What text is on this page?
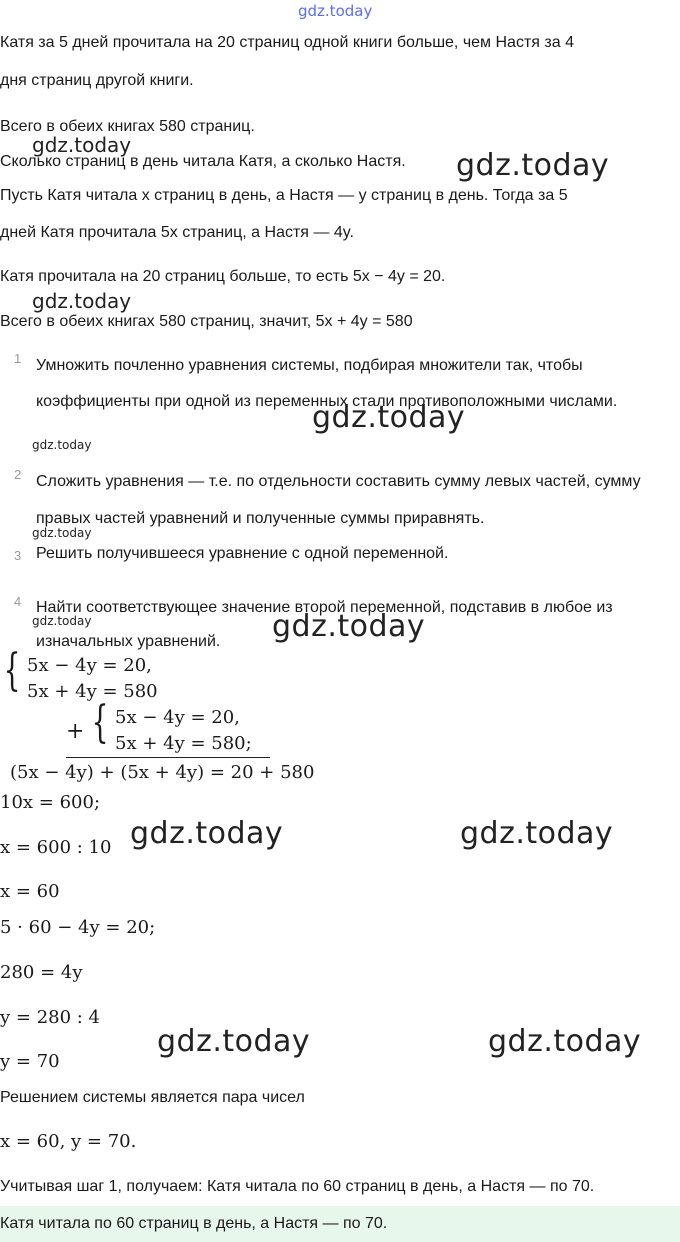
gdz.today
Катя за 5 дней прочитала на 20 страниц одной книги больше, чем Настя за 4
дня страниц другой книги.
Всего в обеих книгах 580 страниц.
Сколько страниц в день читала Катя, а сколько Настя.
Пусть Катя читала x страниц в день, а Настя — y страниц в день. Тогда за 5
дней Катя прочитала 5x страниц, а Настя — 4y.
Катя прочитала на 20 страниц больше, то есть 5x − 4y = 20.
Всего в обеих книгах 580 страниц, значит, 5x + 4y = 580
1 Умножить почленно уравнения системы, подбирая множители так, чтобы коэффициенты при одной из переменных стали противоположными числами.
2 Сложить уравнения — т.е. по отдельности составить сумму левых частей, сумму правых частей уравнений и полученные суммы приравнять.
3 Решить получившееся уравнение с одной переменной.
4 Найти соответствующее значение второй переменной, подставив в любое из изначальных уравнений.
{ 5x − 4y = 20,
5x + 4y = 580
+ { 5x − 4y = 20,
5x + 4y = 580;
(5x − 4y) + (5x + 4y) = 20 + 580
10x = 600;
x = 600 : 10
x = 60
5 · 60 − 4y = 20;
280 = 4y
y = 280 : 4
y = 70
Решением системы является пара чисел
x = 60, y = 70.
Учитывая шаг 1, получаем: Катя читала по 60 страниц в день, а Настя — по 70.
Катя читала по 60 страниц в день, а Настя — по 70.
gdz.today
gdz.today
gdz.today
gdz.today
gdz.today
gdz.today
gdz.today	gdz.today
gdz.today	gdz.today
gdz.today	gdz.today
